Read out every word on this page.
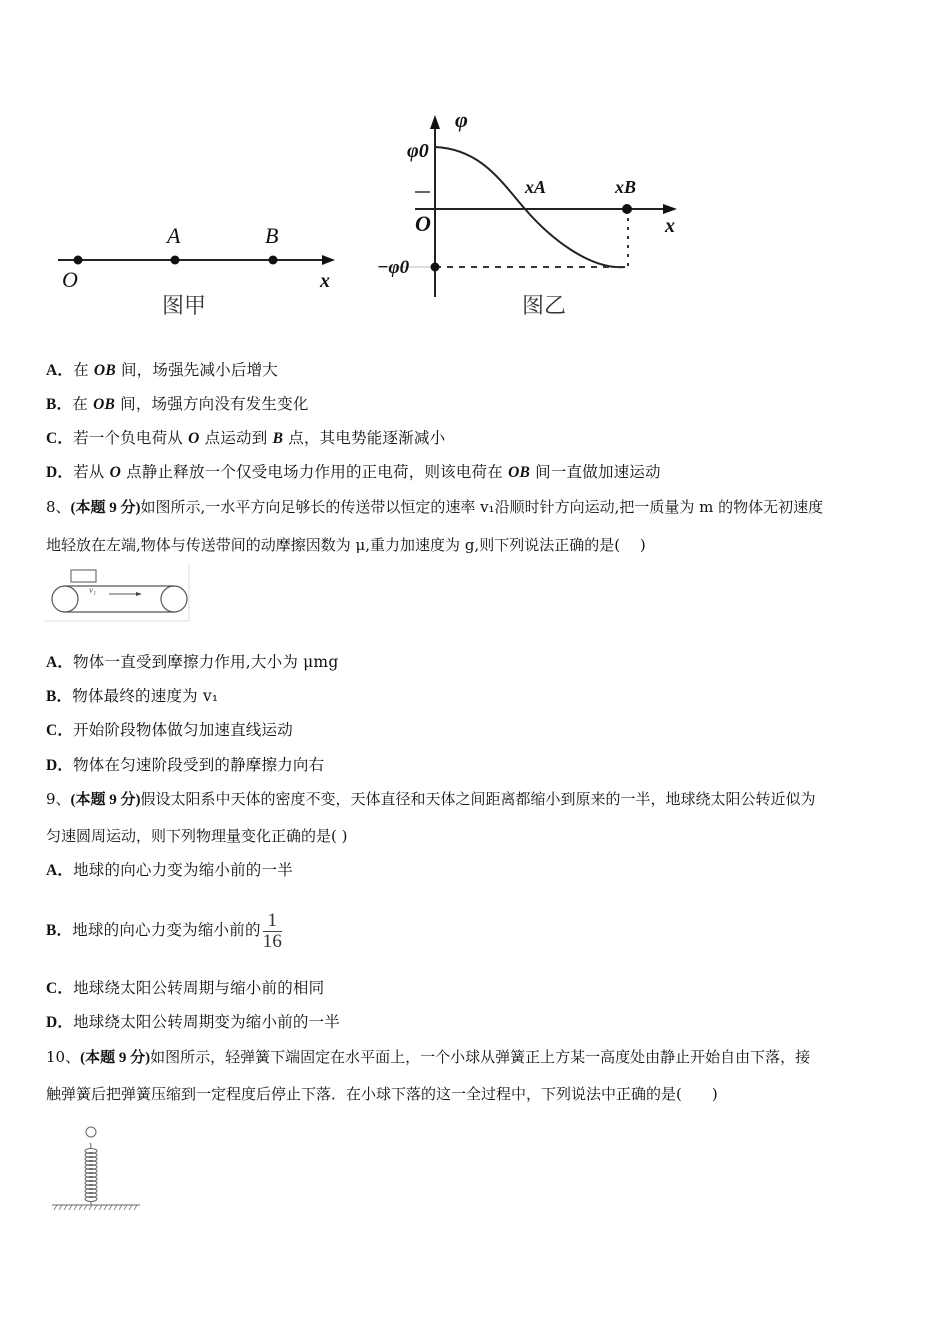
O
A	B
x
图甲
φ
φ0
O
−φ0
xA	xB
x
图乙
A．在 OB 间，场强先减小后增大
B．在 OB 间，场强方向没有发生变化
C．若一个负电荷从 O 点运动到 B 点，其电势能逐渐减小
D．若从 O 点静止释放一个仅受电场力作用的正电荷，则该电荷在 OB 间一直做加速运动
8、(本题 9 分)如图所示,一水平方向足够长的传送带以恒定的速率 v₁沿顺时针方向运动,把一质量为 m 的物体无初速度
地轻放在左端,物体与传送带间的动摩擦因数为 μ,重力加速度为 g,则下列说法正确的是(　 )
v₁
A．物体一直受到摩擦力作用,大小为 μmg
B．物体最终的速度为 v₁
C．开始阶段物体做匀加速直线运动
D．物体在匀速阶段受到的静摩擦力向右
9、(本题 9 分)假设太阳系中天体的密度不变，天体直径和天体之间距离都缩小到原来的一半，地球绕太阳公转近似为
匀速圆周运动，则下列物理量变化正确的是( )
A．地球的向心力变为缩小前的一半
B．地球的向心力变为缩小前的 $\frac{1}{16}$
C．地球绕太阳公转周期与缩小前的相同
D．地球绕太阳公转周期变为缩小前的一半
10、(本题 9 分)如图所示，轻弹簧下端固定在水平面上，一个小球从弹簧正上方某一高度处由静止开始自由下落，接
触弹簧后把弹簧压缩到一定程度后停止下落．在小球下落的这一全过程中，下列说法中正确的是(　　)
